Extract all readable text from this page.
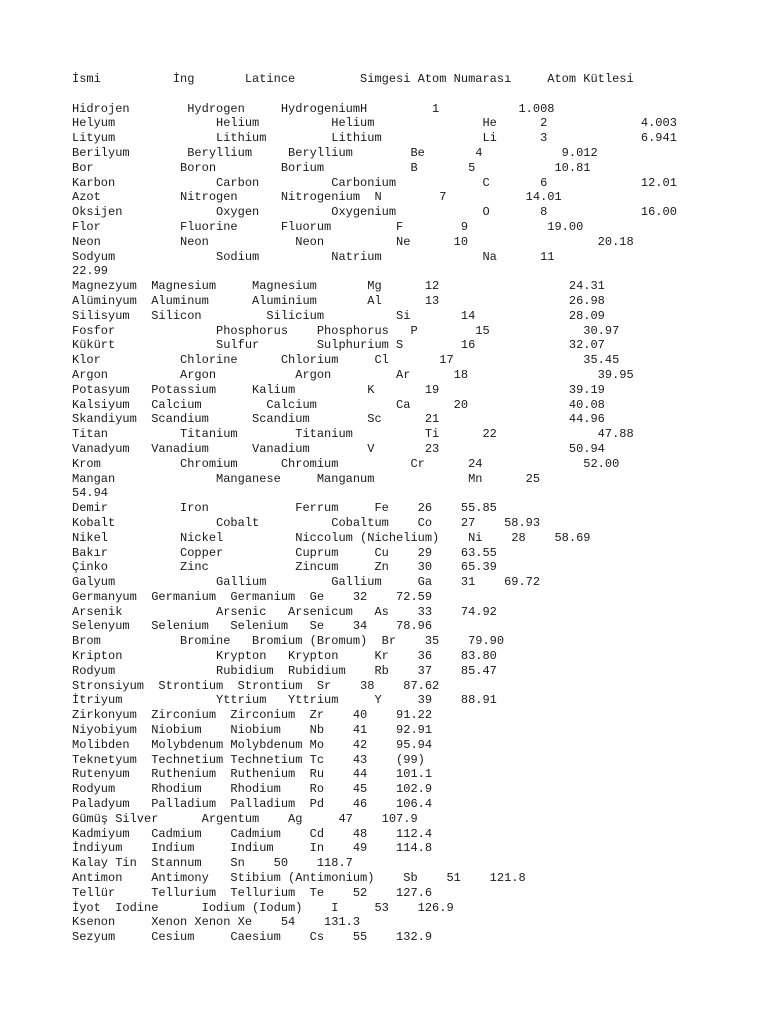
İsmi          İng       Latince         Simgesi Atom Numarası     Atom Kütlesi
Hidrojen        Hydrogen     HydrogeniumH         1           1.008
Helyum              Helium          Helium               He      2             4.003
Lityum              Lithium         Lithium              Li      3             6.941
Berilyum        Beryllium     Beryllium        Be       4           9.012
Bor            Boron         Borium            B       5           10.81
Karbon              Carbon          Carbonium            C       6             12.01
Azot           Nitrogen      Nitrogenium  N        7           14.01
Oksijen             Oxygen          Oxygenium            O       8             16.00
Flor           Fluorine      Fluorum         F        9           19.00
Neon           Neon            Neon          Ne      10                  20.18
Sodyum              Sodium          Natrium              Na      11
22.99
Magnezyum  Magnesium     Magnesium       Mg      12                  24.31
Alüminyum  Aluminum      Aluminium       Al      13                  26.98
Silisyum   Silicon         Silicium          Si       14             28.09
Fosfor              Phosphorus    Phosphorus   P        15             30.97
Kükürt              Sulfur        Sulphurium S        16             32.07
Klor           Chlorine      Chlorium     Cl       17                  35.45
Argon          Argon           Argon         Ar      18                  39.95
Potasyum   Potassium     Kalium          K       19                  39.19
Kalsiyum   Calcium         Calcium           Ca      20              40.08
Skandiyum  Scandium      Scandium        Sc      21                  44.96
Titan          Titanium        Titanium          Ti      22              47.88
Vanadyum   Vanadium      Vanadium        V       23                  50.94
Krom           Chromium      Chromium          Cr      24              52.00
Mangan              Manganese     Manganum             Mn      25
54.94
Demir          Iron            Ferrum     Fe    26    55.85
Kobalt              Cobalt          Cobaltum    Co    27    58.93
Nikel          Nickel          Niccolum (Nichelium)    Ni    28    58.69
Bakır          Copper          Cuprum     Cu    29    63.55
Çinko          Zinc            Zincum     Zn    30    65.39
Galyum              Gallium         Gallium     Ga    31    69.72
Germanyum  Germanium  Germanium  Ge    32    72.59
Arsenik             Arsenic   Arsenicum   As    33    74.92
Selenyum   Selenium   Selenium   Se    34    78.96
Brom           Bromine   Bromium (Bromum)  Br    35    79.90
Kripton             Krypton   Krypton     Kr    36    83.80
Rodyum              Rubidium  Rubidium    Rb    37    85.47
Stronsiyum  Strontium  Strontium  Sr    38    87.62
İtriyum             Yttrium   Yttrium     Y     39    88.91
Zirkonyum  Zirconium  Zirconium  Zr    40    91.22
Niyobiyum  Niobium    Niobium    Nb    41    92.91
Molibden   Molybdenum Molybdenum Mo    42    95.94
Teknetyum  Technetium Technetium Tc    43    (99)
Rutenyum   Ruthenium  Ruthenium  Ru    44    101.1
Rodyum     Rhodium    Rhodium    Ro    45    102.9
Paladyum   Palladium  Palladium  Pd    46    106.4
Gümüş Silver      Argentum    Ag     47    107.9
Kadmiyum   Cadmium    Cadmium    Cd    48    112.4
İndiyum    Indium     Indium     In    49    114.8
Kalay Tin  Stannum    Sn    50    118.7
Antimon    Antimony   Stibium (Antimonium)    Sb    51    121.8
Tellür     Tellurium  Tellurium  Te    52    127.6
İyot  Iodine      Iodium (Iodum)    I     53    126.9
Ksenon     Xenon Xenon Xe    54    131.3
Sezyum     Cesium     Caesium    Cs    55    132.9
